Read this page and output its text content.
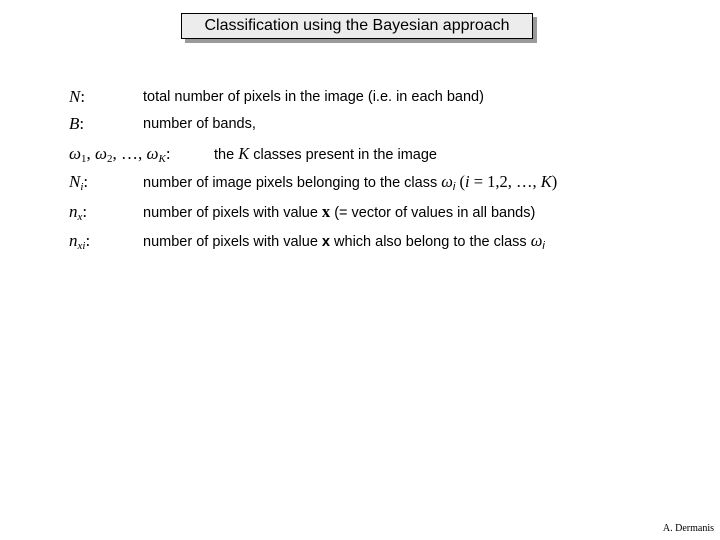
Classification using the Bayesian approach
N:	total number of pixels in the image (i.e. in each band)
B:	number of bands,
$\omega_1$, $\omega_2$, …, $\omega_K$:	the K classes present in the image
$N_i$:	number of image pixels belonging to the class $\omega_i$ (i = 1,2, …, K)
$n_x$:	number of pixels with value x (= vector of values in all bands)
$n_{xi}$:	number of pixels with value x which also belong to the class $\omega_i$
A. Dermanis
